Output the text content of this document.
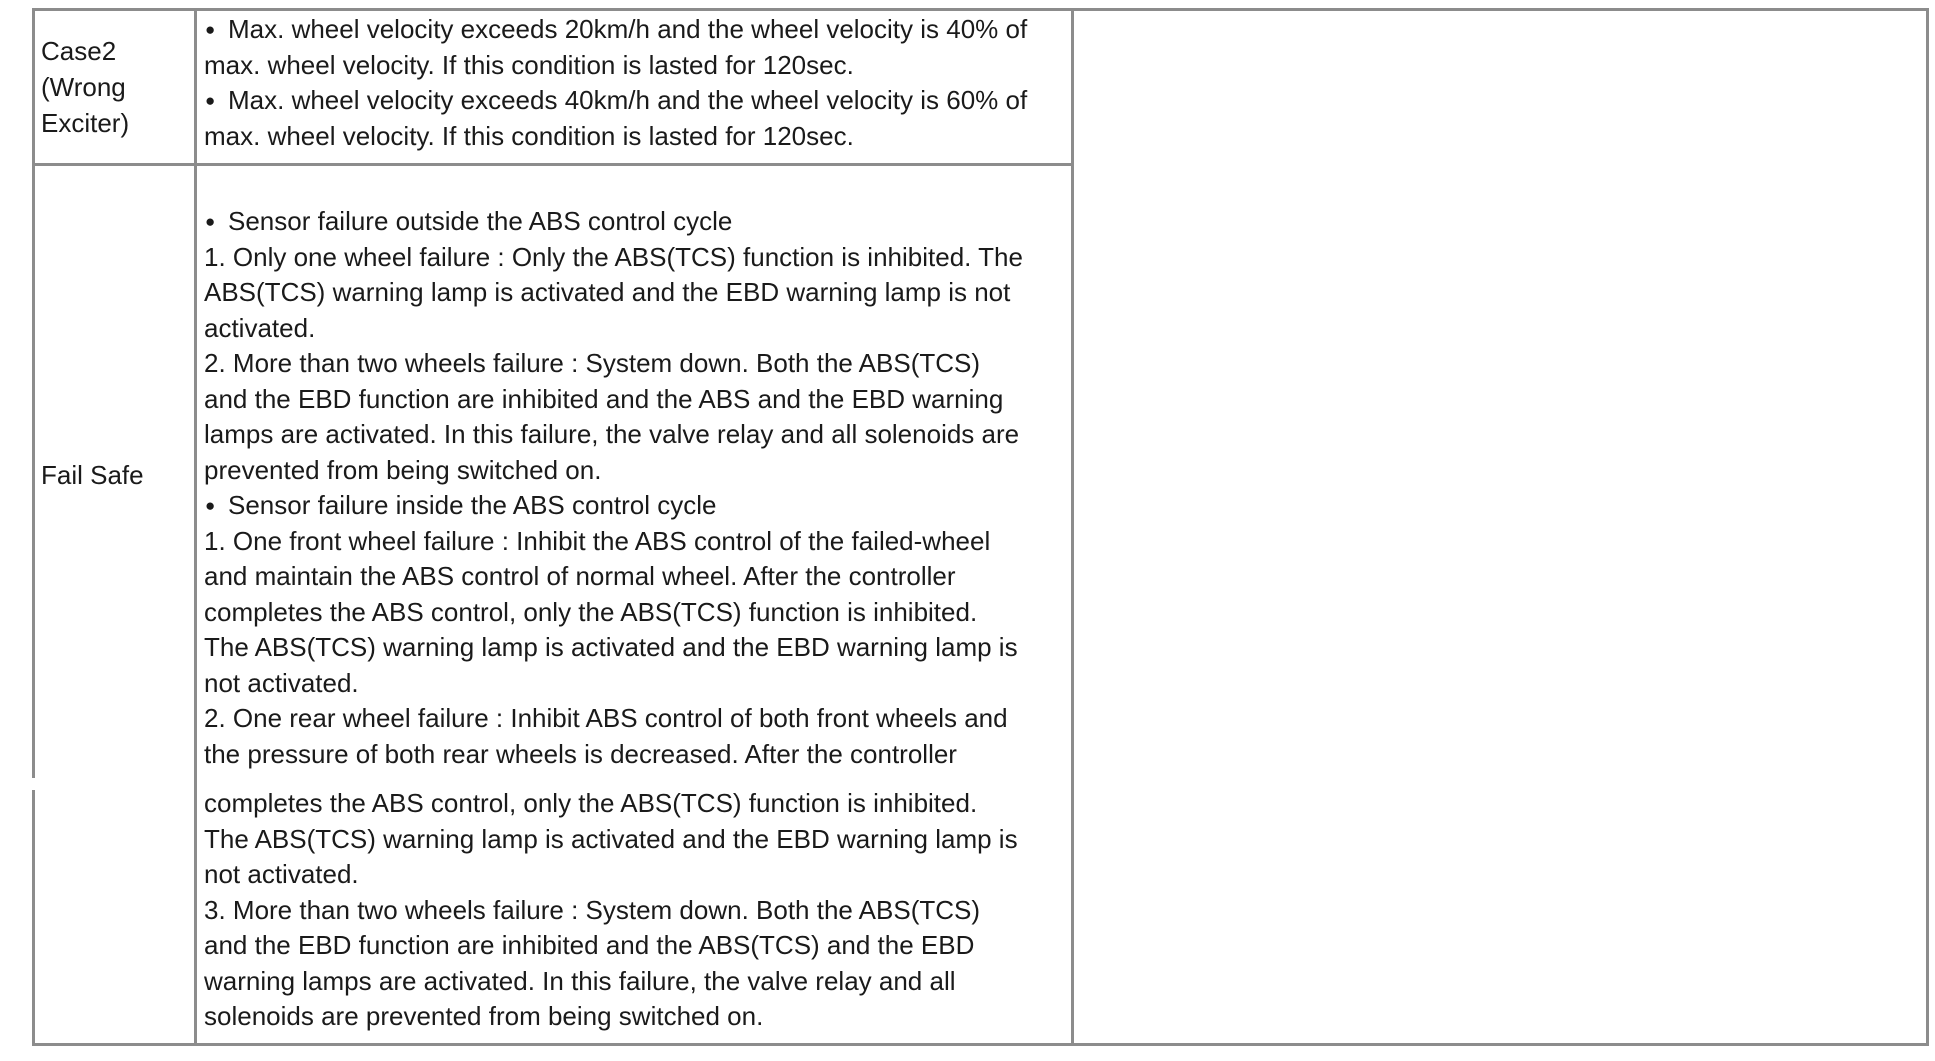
Case2
(Wrong
Exciter)

● Max. wheel velocity exceeds 20km/h and the wheel velocity is 40% of

max. wheel velocity. If this condition is lasted for 120sec.

● Max. wheel velocity exceeds 40km/h and the wheel velocity is 60% of

max. wheel velocity. If this condition is lasted for 120sec.

Fail Safe

● Sensor failure outside the ABS control cycle

1. Only one wheel failure : Only the ABS(TCS) function is inhibited. The

ABS(TCS) warning lamp is activated and the EBD warning lamp is not

activated.

2. More than two wheels failure : System down. Both the ABS(TCS)

and the EBD function are inhibited and the ABS and the EBD warning

lamps are activated. In this failure, the valve relay and all solenoids are

prevented from being switched on.

● Sensor failure inside the ABS control cycle

1. One front wheel failure : Inhibit the ABS control of the failed-wheel

and maintain the ABS control of normal wheel. After the controller

completes the ABS control, only the ABS(TCS) function is inhibited.

The ABS(TCS) warning lamp is activated and the EBD warning lamp is

not activated.

2. One rear wheel failure : Inhibit ABS control of both front wheels and

the pressure of both rear wheels is decreased. After the controller

completes the ABS control, only the ABS(TCS) function is inhibited.

The ABS(TCS) warning lamp is activated and the EBD warning lamp is

not activated.

3. More than two wheels failure : System down. Both the ABS(TCS)

and the EBD function are inhibited and the ABS(TCS) and the EBD

warning lamps are activated. In this failure, the valve relay and all

solenoids are prevented from being switched on.
